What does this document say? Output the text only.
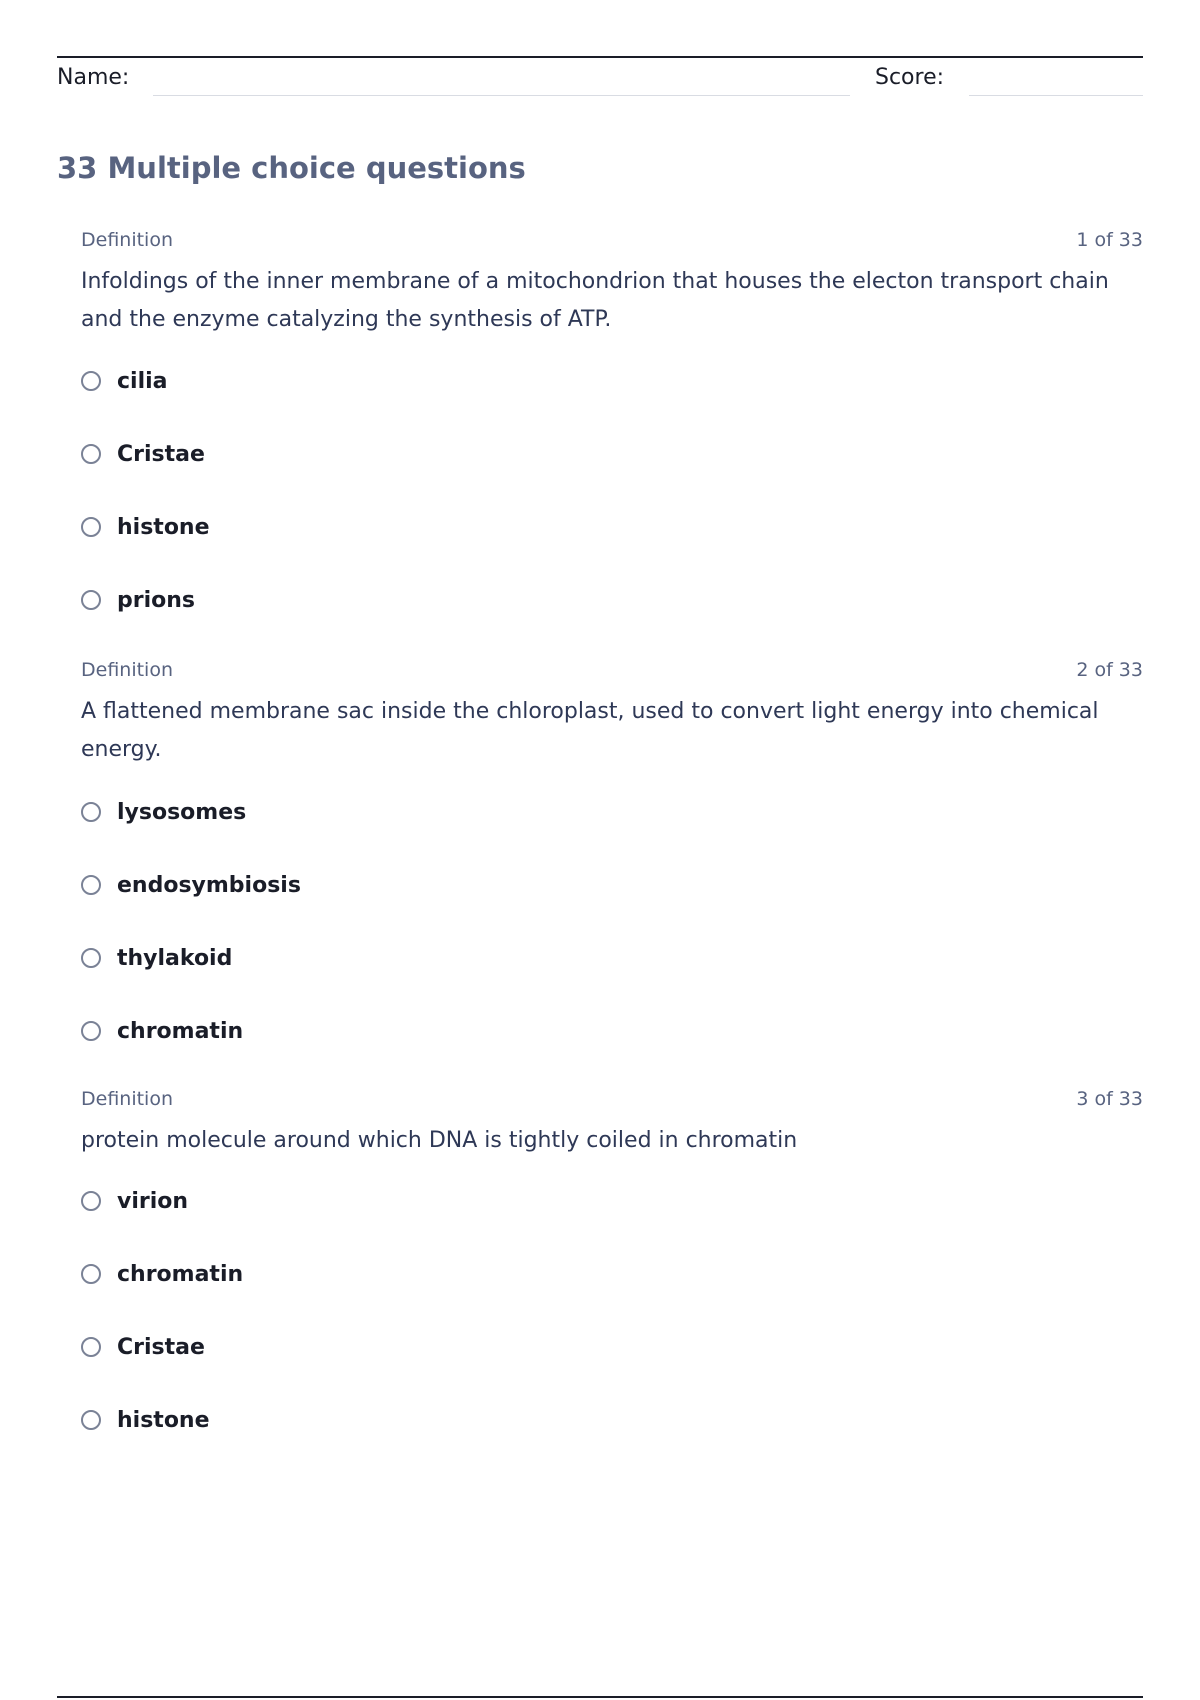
Name:	Score:
33 Multiple choice questions
Definition	1 of 33
Infoldings of the inner membrane of a mitochondrion that houses the electon transport chain and the enzyme catalyzing the synthesis of ATP.
cilia
Cristae
histone
prions
Definition	2 of 33
A flattened membrane sac inside the chloroplast, used to convert light energy into chemical energy.
lysosomes
endosymbiosis
thylakoid
chromatin
Definition	3 of 33
protein molecule around which DNA is tightly coiled in chromatin
virion
chromatin
Cristae
histone
